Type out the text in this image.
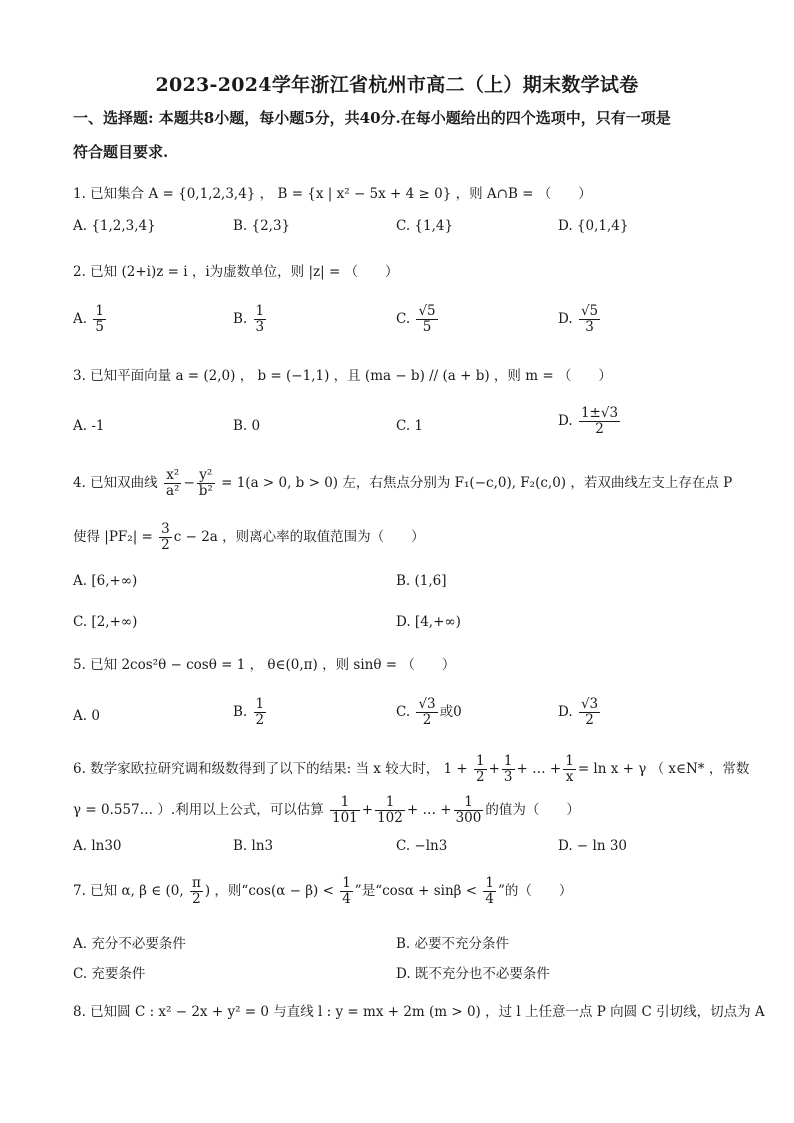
2023-2024学年浙江省杭州市高二（上）期末数学试卷
一、选择题: 本题共8小题，每小题5分，共40分.在每小题给出的四个选项中，只有一项是
符合题目要求.
1. 已知集合 A = {0,1,2,3,4} ， B = {x | x² − 5x + 4 ≥ 0} ，则 A∩B = （　　）
A. {1,2,3,4}	B. {2,3}	C. {1,4}	D. {0,1,4}
2. 已知 (2+i)z = i ，i为虚数单位，则 |z| = （　　）
A. $\frac{1}{5}$	B. $\frac{1}{3}$	C. $\frac{√5}{5}$	D. $\frac{√5}{3}$
3. 已知平面向量 a = (2,0) ， b = (−1,1) ，且 (ma − b) // (a + b) ，则 m = （　　）
A. -1	B. 0	C. 1	D. $\frac{1\pm√3}{2}$
4. 已知双曲线 $\frac{\text{x²}}{\text{a²}} - \frac{\text{y²}}{\text{b²}} = 1(a > 0$, b > 0) 左，右焦点分别为 F₁(−c,0), F₂(c,0) ，若双曲线左支上存在点 P
使得 $|PF_2| = \frac{3}{2}$ c − 2a ，则离心率的取值范围为（　　）
A. [6,+∞)	B. (1,6]
C. [2,+∞)	D. [4,+∞)
5. 已知 2cos²θ − cosθ = 1 ， θ∈(0,π) ，则 sinθ = （　　）
A. 0	B. $\frac{1}{2}$	C. $\frac{√3}{2}$ 或0	D. $\frac{√3}{2}$
6. 数学家欧拉研究调和级数得到了以下的结果: 当 x 较大时， $1 + \frac{1}{2} + \frac{1}{3}$ + … + $\frac{1}{x} = \ln x + \gamma$ （ x∈N* ，常数
γ = 0.557… ）.利用以上公式，可以估算 $\frac{1}{101} + \frac{1}{102}$ + … + $\frac{1}{300}$ 的值为（　　）
A. ln30	B. ln3	C. −ln3	D. − ln 30
7. 已知 α, β ∈ (0, $\frac{\pi}{2}$ ) ，则“$\cos(\alpha - \beta) < \frac{1}{4}$ ”是“$\cos\alpha + \sin\beta < \frac{1}{4}$ ”的（　　）
A. 充分不必要条件	B. 必要不充分条件
C. 充要条件	D. 既不充分也不必要条件
8. 已知圆 C : x² − 2x + y² = 0 与直线 l : y = mx + 2m (m > 0) ，过 l 上任意一点 P 向圆 C 引切线，切点为 A
